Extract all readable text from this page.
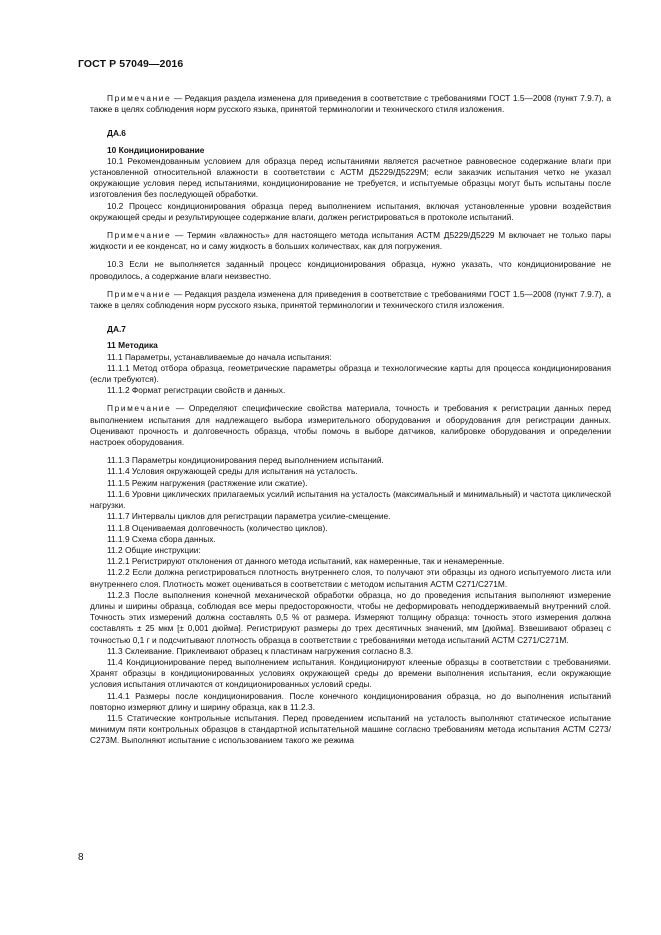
ГОСТ Р 57049—2016

Примечание — Редакция раздела изменена для приведения в соответствие с требованиями ГОСТ 1.5—2008 (пункт 7.9.7), а также в целях соблюдения норм русского языка, принятой терминологии и технического стиля изложения.

ДА.6

10 Кондиционирование

10.1 Рекомендованным условием для образца перед испытаниями является расчетное равновесное содержание влаги при установленной относительной влажности в соответствии с АСТМ Д5229/Д5229М; если заказчик испытания четко не указал окружающие условия перед испытаниями, кондиционирование не требуется, и испытуемые образцы могут быть испытаны после изготовления без последующей обработки.

10.2 Процесс кондиционирования образца перед выполнением испытания, включая установленные уровни воздействия окружающей среды и результирующее содержание влаги, должен регистрироваться в протоколе испытаний.

Примечание — Термин «влажность» для настоящего метода испытания АСТМ Д5229/Д5229 М включает не только пары жидкости и ее конденсат, но и саму жидкость в больших количествах, как для погружения.

10.3 Если не выполняется заданный процесс кондиционирования образца, нужно указать, что кондиционирование не проводилось, а содержание влаги неизвестно.

Примечание — Редакция раздела изменена для приведения в соответствие с требованиями ГОСТ 1.5—2008 (пункт 7.9.7), а также в целях соблюдения норм русского языка, принятой терминологии и технического стиля изложения.

ДА.7

11 Методика

11.1 Параметры, устанавливаемые до начала испытания:

11.1.1 Метод отбора образца, геометрические параметры образца и технологические карты для процесса кондиционирования (если требуются).

11.1.2 Формат регистрации свойств и данных.

Примечание — Определяют специфические свойства материала, точность и требования к регистрации данных перед выполнением испытания для надлежащего выбора измерительного оборудования и оборудования для регистрации данных. Оценивают прочность и долговечность образца, чтобы помочь в выборе датчиков, калибровке оборудования и определении настроек оборудования.

11.1.3 Параметры кондиционирования перед выполнением испытаний.

11.1.4 Условия окружающей среды для испытания на усталость.

11.1.5 Режим нагружения (растяжение или сжатие).

11.1.6 Уровни циклических прилагаемых усилий испытания на усталость (максимальный и минимальный) и частота циклической нагрузки.

11.1.7 Интервалы циклов для регистрации параметра усилие-смещение.

11.1.8 Оцениваемая долговечность (количество циклов).

11.1.9 Схема сбора данных.

11.2 Общие инструкции:

11.2.1 Регистрируют отклонения от данного метода испытаний, как намеренные, так и ненамеренные.

11.2.2 Если должна регистрироваться плотность внутреннего слоя, то получают эти образцы из одного испытуемого листа или внутреннего слоя. Плотность может оцениваться в соответствии с методом испытания АСТМ С271/С271М.

11.2.3 После выполнения конечной механической обработки образца, но до проведения испытания выполняют измерение длины и ширины образца, соблюдая все меры предосторожности, чтобы не деформировать неподдерживаемый внутренний слой. Точность этих измерений должна составлять 0,5 % от размера. Измеряют толщину образца: точность этого измерения должна составлять ± 25 мкм [± 0,001 дюйма]. Регистрируют размеры до трех десятичных значений, мм [дюйма]. Взвешивают образец с точностью 0,1 г и подсчитывают плотность образца в соответствии с требованиями метода испытаний АСТМ С271/С271М.

11.3 Склеивание. Приклеивают образец к пластинам нагружения согласно 8.3.

11.4 Кондиционирование перед выполнением испытания. Кондиционируют клееные образцы в соответствии с требованиями. Хранят образцы в кондиционированных условиях окружающей среды до времени выполнения испытания, если окружающие условия испытания отличаются от кондиционированных условий среды.

11.4.1 Размеры после кондиционирования. После конечного кондиционирования образца, но до выполнения испытаний повторно измеряют длину и ширину образца, как в 11.2.3.

11.5 Статические контрольные испытания. Перед проведением испытаний на усталость выполняют статическое испытание минимум пяти контрольных образцов в стандартной испытательной машине согласно требованиям метода испытания АСТМ С273/С273М. Выполняют испытание с использованием такого же режима

8
